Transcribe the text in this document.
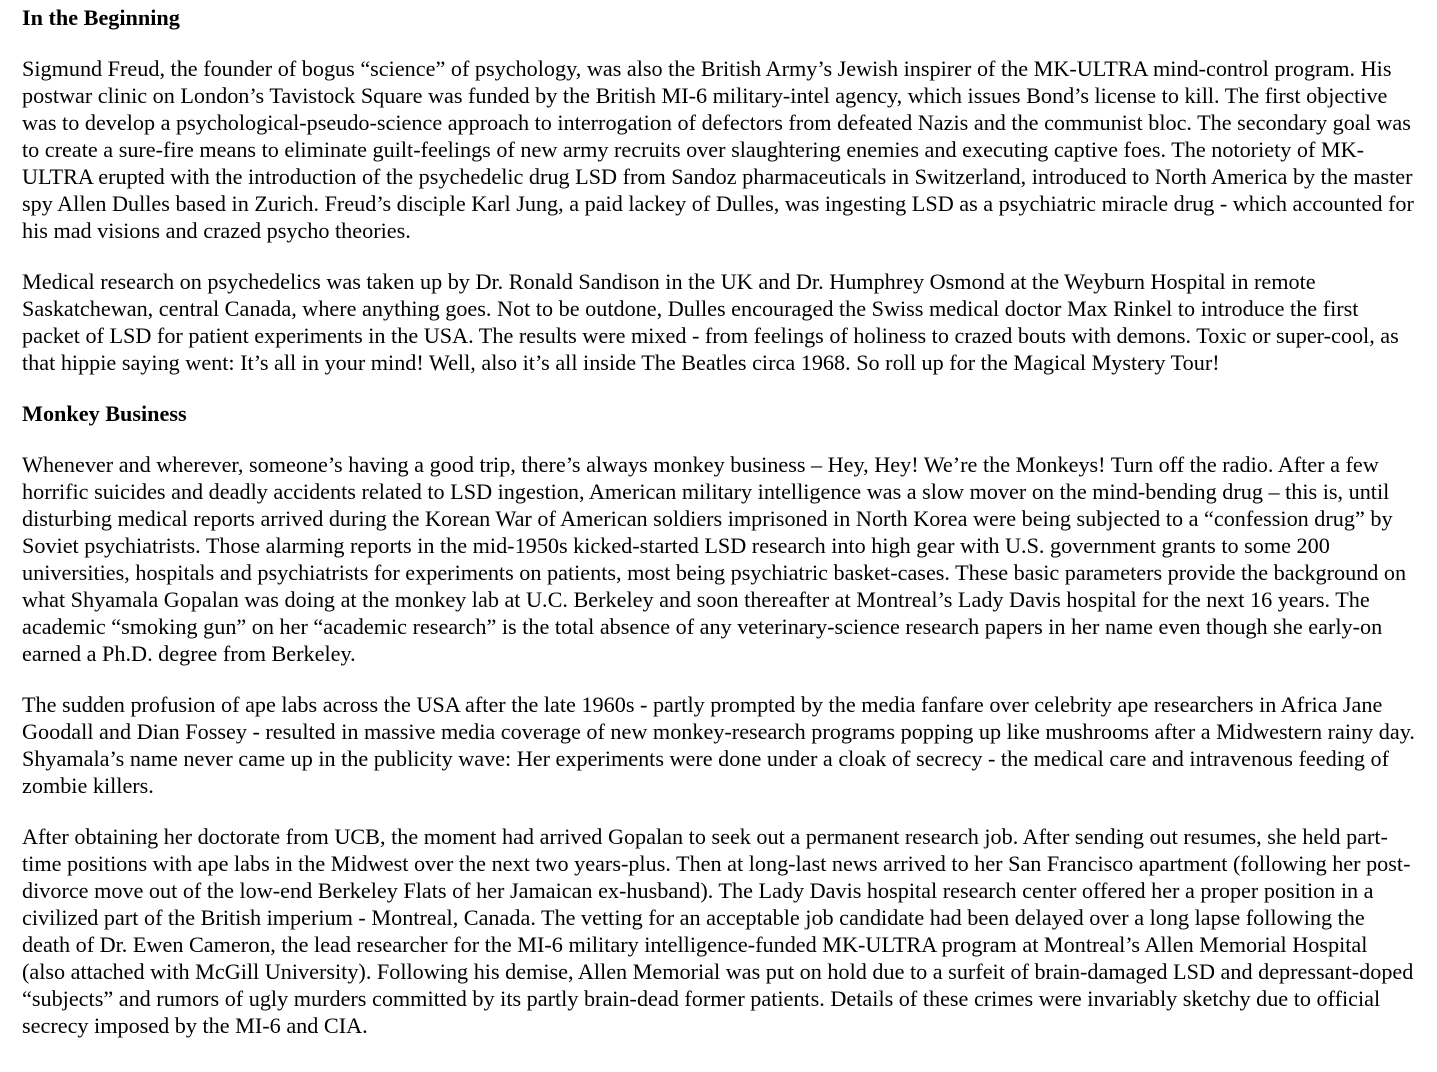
In the Beginning

Sigmund Freud, the founder of bogus “science” of psychology, was also the British Army’s Jewish inspirer of the MK-ULTRA mind-control program. His postwar clinic on London’s Tavistock Square was funded by the British MI-6 military-intel agency, which issues Bond’s license to kill. The first objective was to develop a psychological-pseudo-science approach to interrogation of defectors from defeated Nazis and the communist bloc. The secondary goal was to create a sure-fire means to eliminate guilt-feelings of new army recruits over slaughtering enemies and executing captive foes. The notoriety of MK-ULTRA erupted with the introduction of the psychedelic drug LSD from Sandoz pharmaceuticals in Switzerland, introduced to North America by the master spy Allen Dulles based in Zurich. Freud’s disciple Karl Jung, a paid lackey of Dulles, was ingesting LSD as a psychiatric miracle drug - which accounted for his mad visions and crazed psycho theories.

Medical research on psychedelics was taken up by Dr. Ronald Sandison in the UK and Dr. Humphrey Osmond at the Weyburn Hospital in remote Saskatchewan, central Canada, where anything goes. Not to be outdone, Dulles encouraged the Swiss medical doctor Max Rinkel to introduce the first packet of LSD for patient experiments in the USA. The results were mixed - from feelings of holiness to crazed bouts with demons. Toxic or super-cool, as that hippie saying went: It’s all in your mind! Well, also it’s all inside The Beatles circa 1968. So roll up for the Magical Mystery Tour!

Monkey Business

Whenever and wherever, someone’s having a good trip, there’s always monkey business – Hey, Hey! We’re the Monkeys! Turn off the radio. After a few horrific suicides and deadly accidents related to LSD ingestion, American military intelligence was a slow mover on the mind-bending drug – this is, until disturbing medical reports arrived during the Korean War of American soldiers imprisoned in North Korea were being subjected to a “confession drug” by Soviet psychiatrists. Those alarming reports in the mid-1950s kicked-started LSD research into high gear with U.S. government grants to some 200 universities, hospitals and psychiatrists for experiments on patients, most being psychiatric basket-cases. These basic parameters provide the background on what Shyamala Gopalan was doing at the monkey lab at U.C. Berkeley and soon thereafter at Montreal’s Lady Davis hospital for the next 16 years. The academic “smoking gun” on her “academic research” is the total absence of any veterinary-science research papers in her name even though she early-on earned a Ph.D. degree from Berkeley.

The sudden profusion of ape labs across the USA after the late 1960s - partly prompted by the media fanfare over celebrity ape researchers in Africa Jane Goodall and Dian Fossey - resulted in massive media coverage of new monkey-research programs popping up like mushrooms after a Midwestern rainy day. Shyamala’s name never came up in the publicity wave: Her experiments were done under a cloak of secrecy - the medical care and intravenous feeding of zombie killers.

After obtaining her doctorate from UCB, the moment had arrived Gopalan to seek out a permanent research job. After sending out resumes, she held part-time positions with ape labs in the Midwest over the next two years-plus. Then at long-last news arrived to her San Francisco apartment (following her post-divorce move out of the low-end Berkeley Flats of her Jamaican ex-husband). The Lady Davis hospital research center offered her a proper position in a civilized part of the British imperium - Montreal, Canada. The vetting for an acceptable job candidate had been delayed over a long lapse following the death of Dr. Ewen Cameron, the lead researcher for the MI-6 military intelligence-funded MK-ULTRA program at Montreal’s Allen Memorial Hospital (also attached with McGill University). Following his demise, Allen Memorial was put on hold due to a surfeit of brain-damaged LSD and depressant-doped “subjects” and rumors of ugly murders committed by its partly brain-dead former patients. Details of these crimes were invariably sketchy due to official secrecy imposed by the MI-6 and CIA.
